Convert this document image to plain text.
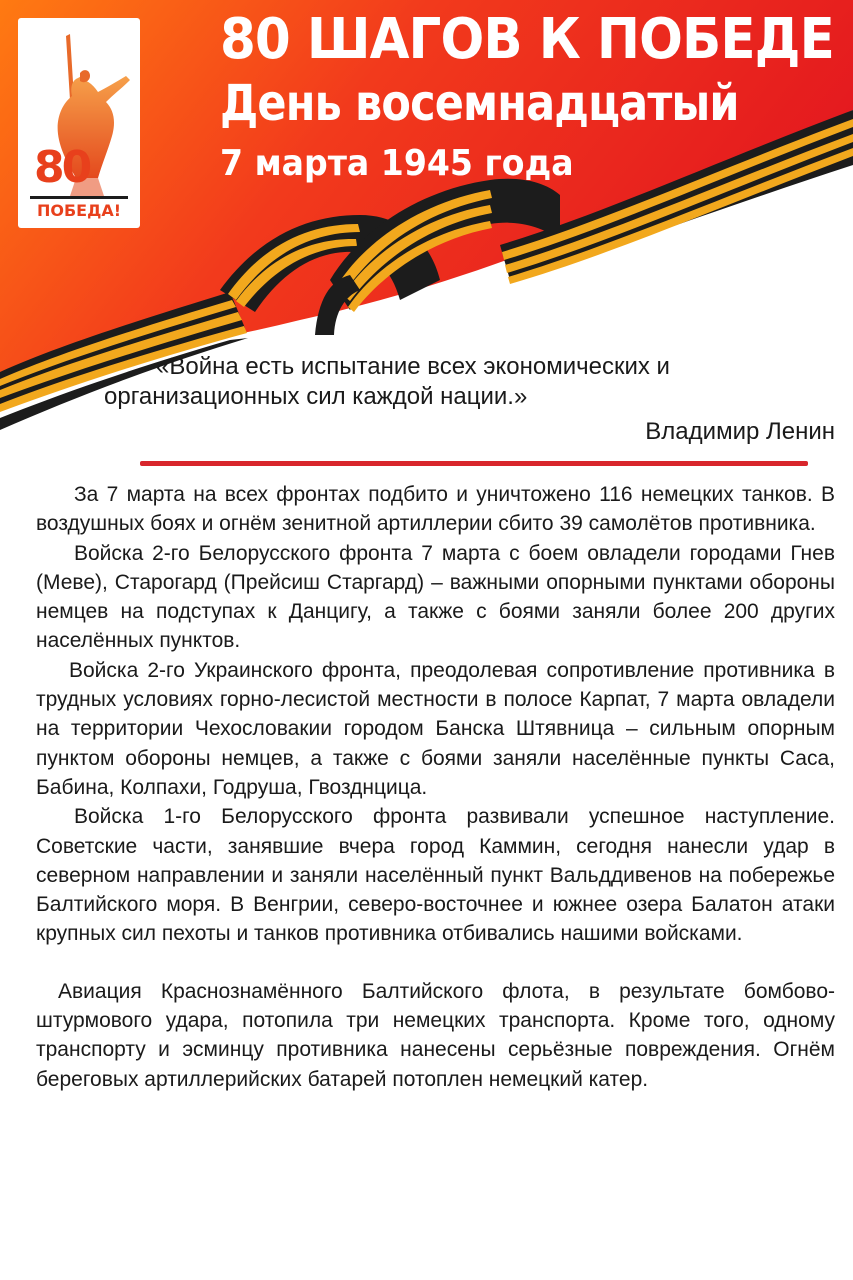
80
ПОБЕДА!
80 ШАГОВ К ПОБЕДЕ
День восемнадцатый
7 марта 1945 года
«Война есть испытание всех экономических и
организационных сил каждой нации.»
Владимир Ленин

За 7 марта на всех фронтах подбито и уничтожено 116 немецких танков. В воздушных боях и огнём зенитной артиллерии сбито 39 самолётов противника.

Войска 2-го Белорусского фронта 7 марта с боем овладели городами Гнев (Меве), Старогард (Прейсиш Старгард) – важными опорными пунктами обороны немцев на подступах к Данцигу, а также с боями заняли более 200 других населённых пунктов.

Войска 2-го Украинского фронта, преодолевая сопротивление противника в трудных условиях горно-лесистой местности в полосе Карпат, 7 марта овладели на территории Чехословакии городом Банска Штявница – сильным опорным пунктом обороны немцев, а также с боями заняли населённые пункты Саса, Бабина, Колпахи, Годруша, Гвозднцица.

Войска 1-го Белорусского фронта развивали успешное наступление. Советские части, занявшие вчера город Каммин, сегодня нанесли удар в северном направлении и заняли населённый пункт Вальддивенов на побережье Балтийского моря. В Венгрии, северо-восточнее и южнее озера Балатон атаки крупных сил пехоты и танков противника отбивались нашими войсками.

Авиация Краснознамённого Балтийского флота, в результате бомбово-штурмового удара, потопила три немецких транспорта. Кроме того, одному транспорту и эсминцу противника нанесены серьёзные повреждения. Огнём береговых артиллерийских батарей потоплен немецкий катер.
